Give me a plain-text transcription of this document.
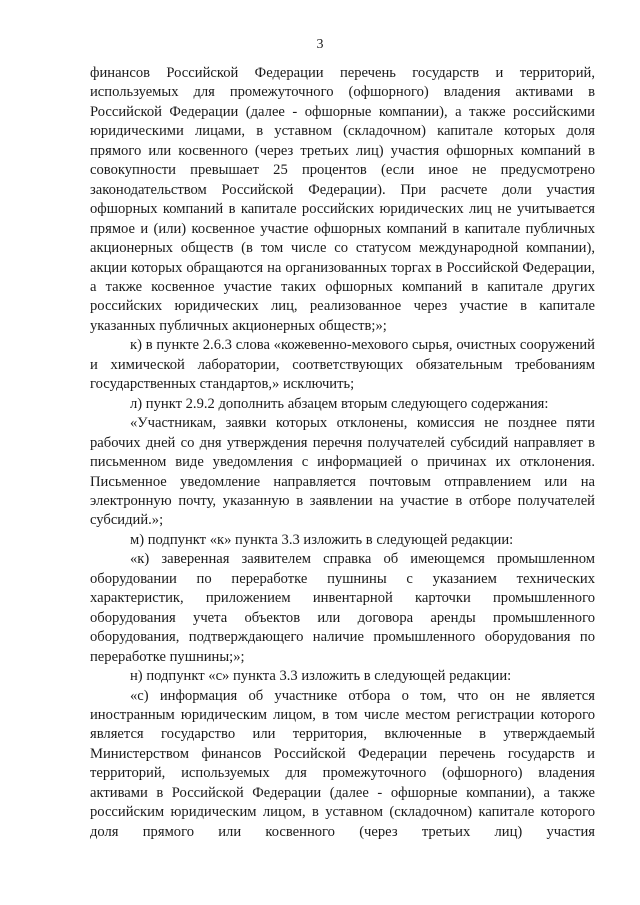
3

финансов Российской Федерации перечень государств и территорий, используемых для промежуточного (офшорного) владения активами в Российской Федерации (далее - офшорные компании), а также российскими юридическими лицами, в уставном (складочном) капитале которых доля прямого или косвенного (через третьих лиц) участия офшорных компаний в совокупности превышает 25 процентов (если иное не предусмотрено законодательством Российской Федерации). При расчете доли участия офшорных компаний в капитале российских юридических лиц не учитывается прямое и (или) косвенное участие офшорных компаний в капитале публичных акционерных обществ (в том числе со статусом международной компании), акции которых обращаются на организованных торгах в Российской Федерации, а также косвенное участие таких офшорных компаний в капитале других российских юридических лиц, реализованное через участие в капитале указанных публичных акционерных обществ;»;

к) в пункте 2.6.3 слова «кожевенно-мехового сырья, очистных сооружений и химической лаборатории, соответствующих обязательным требованиям государственных стандартов,» исключить;

л) пункт 2.9.2 дополнить абзацем вторым следующего содержания:

«Участникам, заявки которых отклонены, комиссия не позднее пяти рабочих дней со дня утверждения перечня получателей субсидий направляет в письменном виде уведомления с информацией о причинах их отклонения. Письменное уведомление направляется почтовым отправлением или на электронную почту, указанную в заявлении на участие в отборе получателей субсидий.»;

м) подпункт «к» пункта 3.3 изложить в следующей редакции:

«к) заверенная заявителем справка об имеющемся промышленном оборудовании по переработке пушнины с указанием технических характеристик, приложением инвентарной карточки промышленного оборудования учета объектов или договора аренды промышленного оборудования, подтверждающего наличие промышленного оборудования по переработке пушнины;»;

н) подпункт «с» пункта 3.3 изложить в следующей редакции:

«с) информация об участнике отбора о том, что он не является иностранным юридическим лицом, в том числе местом регистрации которого является государство или территория, включенные в утверждаемый Министерством финансов Российской Федерации перечень государств и территорий, используемых для промежуточного (офшорного) владения активами в Российской Федерации (далее - офшорные компании), а также российским юридическим лицом, в уставном (складочном) капитале которого доля прямого или косвенного (через третьих лиц) участия
